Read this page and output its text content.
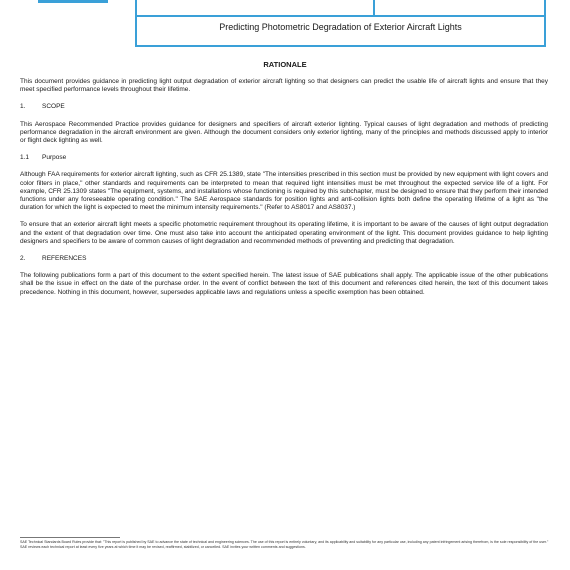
Predicting Photometric Degradation of Exterior Aircraft Lights
RATIONALE

This document provides guidance in predicting light output degradation of exterior aircraft lighting so that designers can predict the usable life of aircraft lights and ensure that they meet specified performance levels throughout their lifetime.

1.	SCOPE

This Aerospace Recommended Practice provides guidance for designers and specifiers of aircraft exterior lighting. Typical causes of light degradation and methods of predicting performance degradation in the aircraft environment are given. Although the document considers only exterior lighting, many of the principles and methods discussed apply to interior or flight deck lighting as well.

1.1 Purpose

Although FAA requirements for exterior aircraft lighting, such as CFR 25.1389, state "The intensities prescribed in this section must be provided by new equipment with light covers and color filters in place," other standards and requirements can be interpreted to mean that required light intensities must be met throughout the expected service life of a light. For example, CFR 25.1309 states "The equipment, systems, and installations whose functioning is required by this subchapter, must be designed to ensure that they perform their intended functions under any foreseeable operating condition." The SAE Aerospace standards for position lights and anti-collision lights both define the operating lifetime of a light as "the duration for which the light is expected to meet the minimum intensity requirements." (Refer to AS8017 and AS8037.)

To ensure that an exterior aircraft light meets a specific photometric requirement throughout its operating lifetime, it is important to be aware of the causes of light output degradation and the extent of that degradation over time. One must also take into account the anticipated operating environment of the light. This document provides guidance to help lighting designers and specifiers to be aware of common causes of light degradation and recommended methods of preventing and predicting that degradation.

2.	REFERENCES

The following publications form a part of this document to the extent specified herein. The latest issue of SAE publications shall apply. The applicable issue of the other publications shall be the issue in effect on the date of the purchase order. In the event of conflict between the text of this document and references cited herein, the text of this document takes precedence. Nothing in this document, however, supersedes applicable laws and regulations unless a specific exemption has been obtained.

SAE Technical Standards Board Rules provide that: "This report is published by SAE to advance the state of technical and engineering sciences. The use of this report is entirely voluntary, and its applicability and suitability for any particular use, including any patent infringement arising therefrom, is the sole responsibility of the user."
SAE reviews each technical report at least every five years at which time it may be revised, reaffirmed, stabilized, or cancelled. SAE invites your written comments and suggestions.
